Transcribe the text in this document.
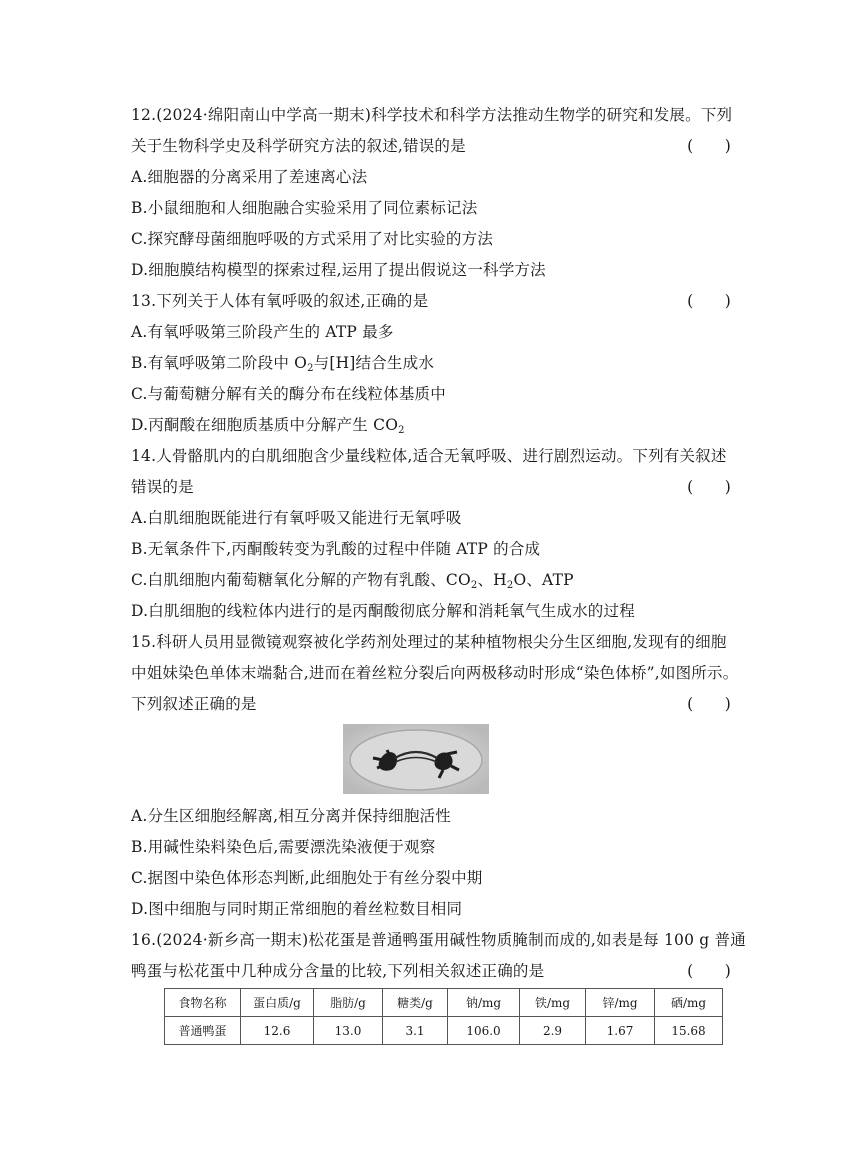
12.(2024·绵阳南山中学高一期末)科学技术和科学方法推动生物学的研究和发展。下列
关于生物科学史及科学研究方法的叙述,错误的是	(　　)
A.细胞器的分离采用了差速离心法
B.小鼠细胞和人细胞融合实验采用了同位素标记法
C.探究酵母菌细胞呼吸的方式采用了对比实验的方法
D.细胞膜结构模型的探索过程,运用了提出假说这一科学方法
13.下列关于人体有氧呼吸的叙述,正确的是	(　　)
A.有氧呼吸第三阶段产生的 ATP 最多
B.有氧呼吸第二阶段中 $O_2$与[H]结合生成水
C.与葡萄糖分解有关的酶分布在线粒体基质中
D.丙酮酸在细胞质基质中分解产生 $CO_2$
14.人骨骼肌内的白肌细胞含少量线粒体,适合无氧呼吸、进行剧烈运动。下列有关叙述
错误的是	(　　)
A.白肌细胞既能进行有氧呼吸又能进行无氧呼吸
B.无氧条件下,丙酮酸转变为乳酸的过程中伴随 ATP 的合成
C.白肌细胞内葡萄糖氧化分解的产物有乳酸、$CO_2$、$H_2O$、ATP
D.白肌细胞的线粒体内进行的是丙酮酸彻底分解和消耗氧气生成水的过程
15.科研人员用显微镜观察被化学药剂处理过的某种植物根尖分生区细胞,发现有的细胞
中姐妹染色单体末端黏合,进而在着丝粒分裂后向两极移动时形成“染色体桥”,如图所示。
下列叙述正确的是	(　　)
A.分生区细胞经解离,相互分离并保持细胞活性
B.用碱性染料染色后,需要漂洗染液便于观察
C.据图中染色体形态判断,此细胞处于有丝分裂中期
D.图中细胞与同时期正常细胞的着丝粒数目相同
16.(2024·新乡高一期末)松花蛋是普通鸭蛋用碱性物质腌制而成的,如表是每 100 g 普通
鸭蛋与松花蛋中几种成分含量的比较,下列相关叙述正确的是	(　　)
食物名称	蛋白质/g	脂肪/g	糖类/g	钠/mg	铁/mg	锌/mg	硒/mg
普通鸭蛋	12.6	13.0	3.1	106.0	2.9	1.67	15.68
